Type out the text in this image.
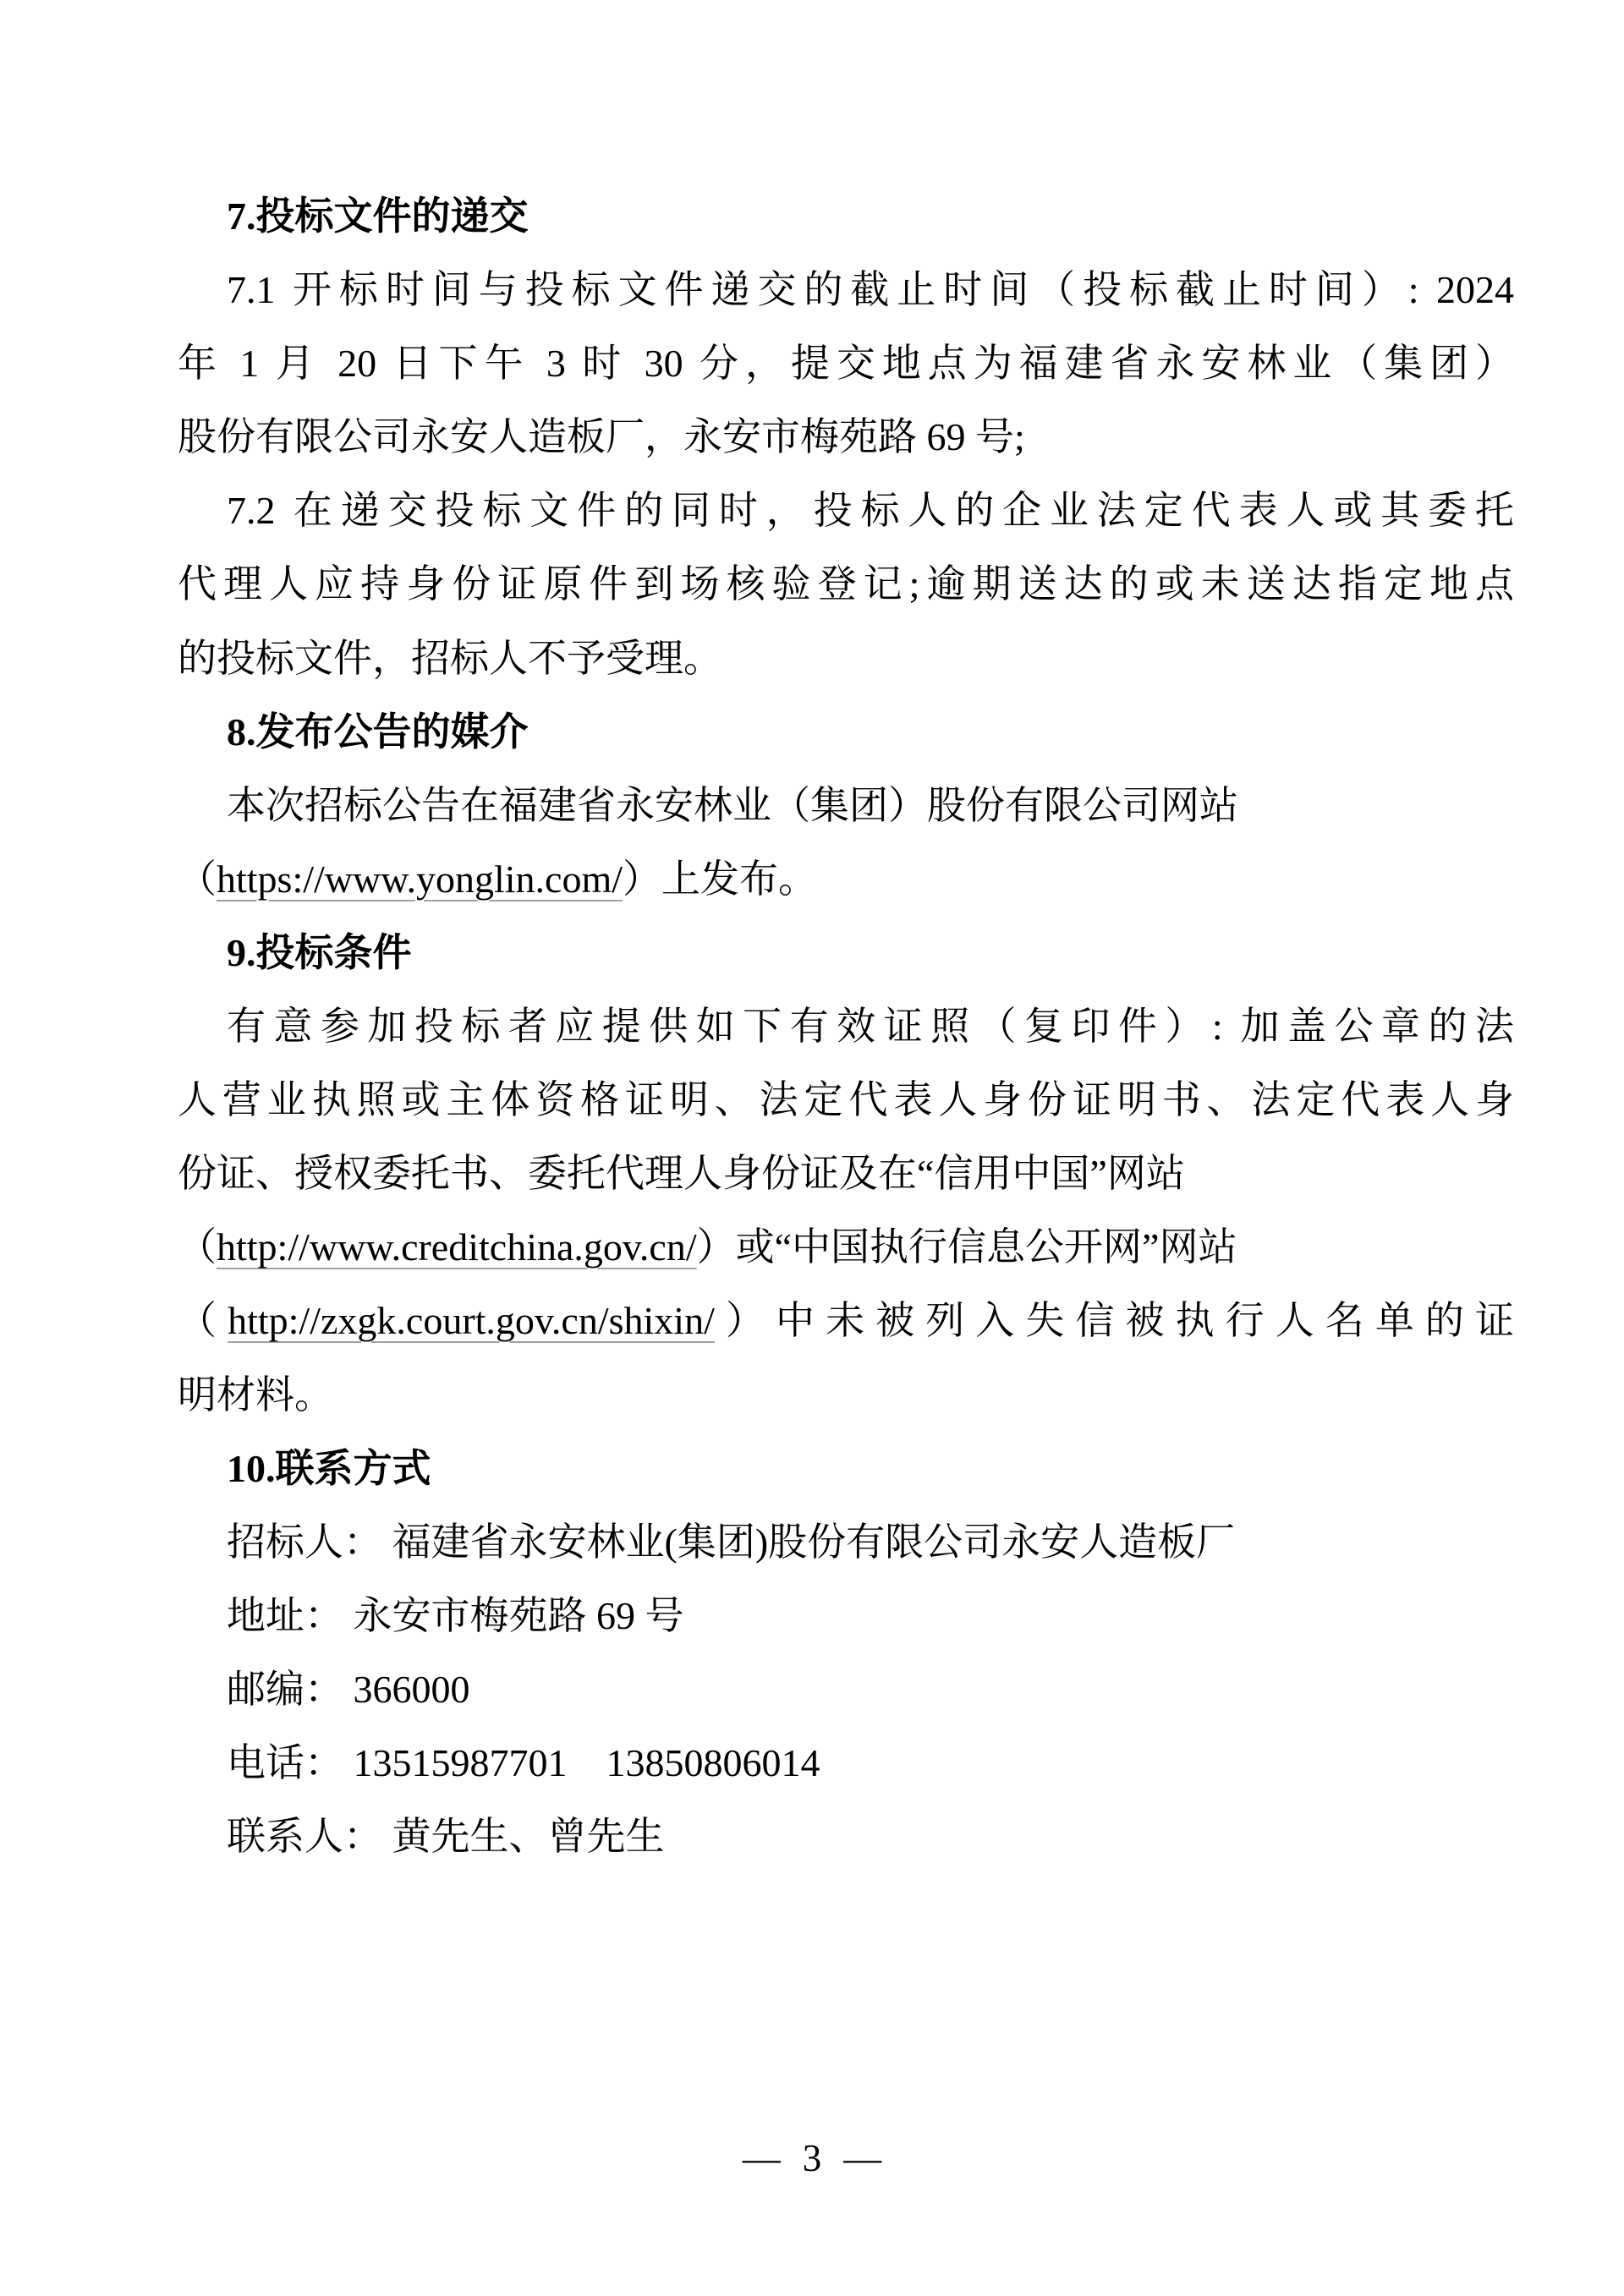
7.投标文件的递交
7.1 开标时间与投标文件递交的截止时间（投标截止时间）: 2024
年 1 月 20 日下午 3 时 30 分，提交地点为福建省永安林业（集团）
股份有限公司永安人造板厂，永安市梅苑路 69 号;
7.2 在递交投标文件的同时，投标人的企业法定代表人或其委托
代理人应持身份证原件到场核验登记;逾期送达的或未送达指定地点
的投标文件，招标人不予受理。
8.发布公告的媒介
本次招标公告在福建省永安林业（集团）股份有限公司网站
（https://www.yonglin.com/）上发布。
9.投标条件
有意参加投标者应提供如下有效证照（复印件）: 加盖公章的法
人营业执照或主体资格证明、法定代表人身份证明书、法定代表人身
份证、授权委托书、委托代理人身份证及在“信用中国”网站
（http://www.creditchina.gov.cn/）或“中国执行信息公开网”网站
（http://zxgk.court.gov.cn/shixin/）中未被列入失信被执行人名单的证
明材料。
10.联系方式
招标人： 福建省永安林业(集团)股份有限公司永安人造板厂
地址： 永安市梅苑路 69 号
邮编： 366000
电话： 13515987701　13850806014
联系人： 黄先生、曾先生
— 3 —
